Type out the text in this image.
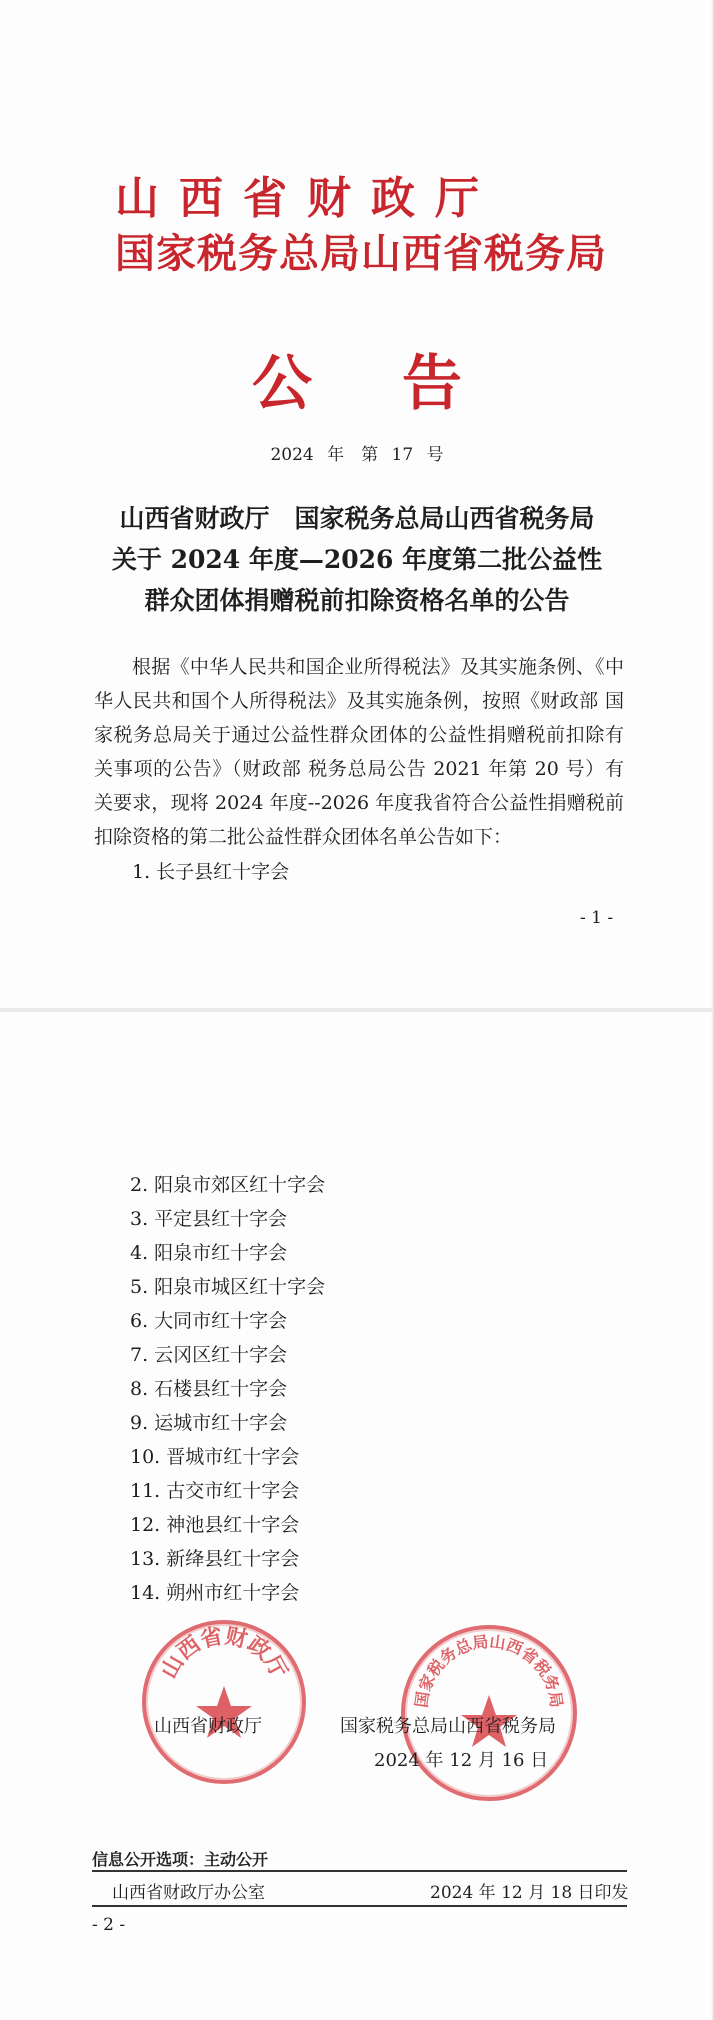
山西省财政厅
国家税务总局山西省税务局
公告
2024 年　第 17 号
山西省财政厅　国家税务总局山西省税务局
关于 2024 年度—2026 年度第二批公益性
群众团体捐赠税前扣除资格名单的公告

根据《中华人民共和国企业所得税法》及其实施条例、《中华人民共和国个人所得税法》及其实施条例，按照《财政部 国家税务总局关于通过公益性群众团体的公益性捐赠税前扣除有关事项的公告》（财政部 税务总局公告 2021 年第 20 号）有关要求，现将 2024 年度--2026 年度我省符合公益性捐赠税前扣除资格的第二批公益性群众团体名单公告如下：

1. 长子县红十字会
- 1 -
2. 阳泉市郊区红十字会
3. 平定县红十字会
4. 阳泉市红十字会
5. 阳泉市城区红十字会
6. 大同市红十字会
7. 云冈区红十字会
8. 石楼县红十字会
9. 运城市红十字会
10. 晋城市红十字会
11. 古交市红十字会
12. 神池县红十字会
13. 新绛县红十字会
14. 朔州市红十字会
山西省财政厅
国家税务总局山西省税务局
山西省财政厅	国家税务总局山西省税务局
2024 年 12 月 16 日
信息公开选项：主动公开
山西省财政厅办公室	2024 年 12 月 18 日印发
- 2 -
